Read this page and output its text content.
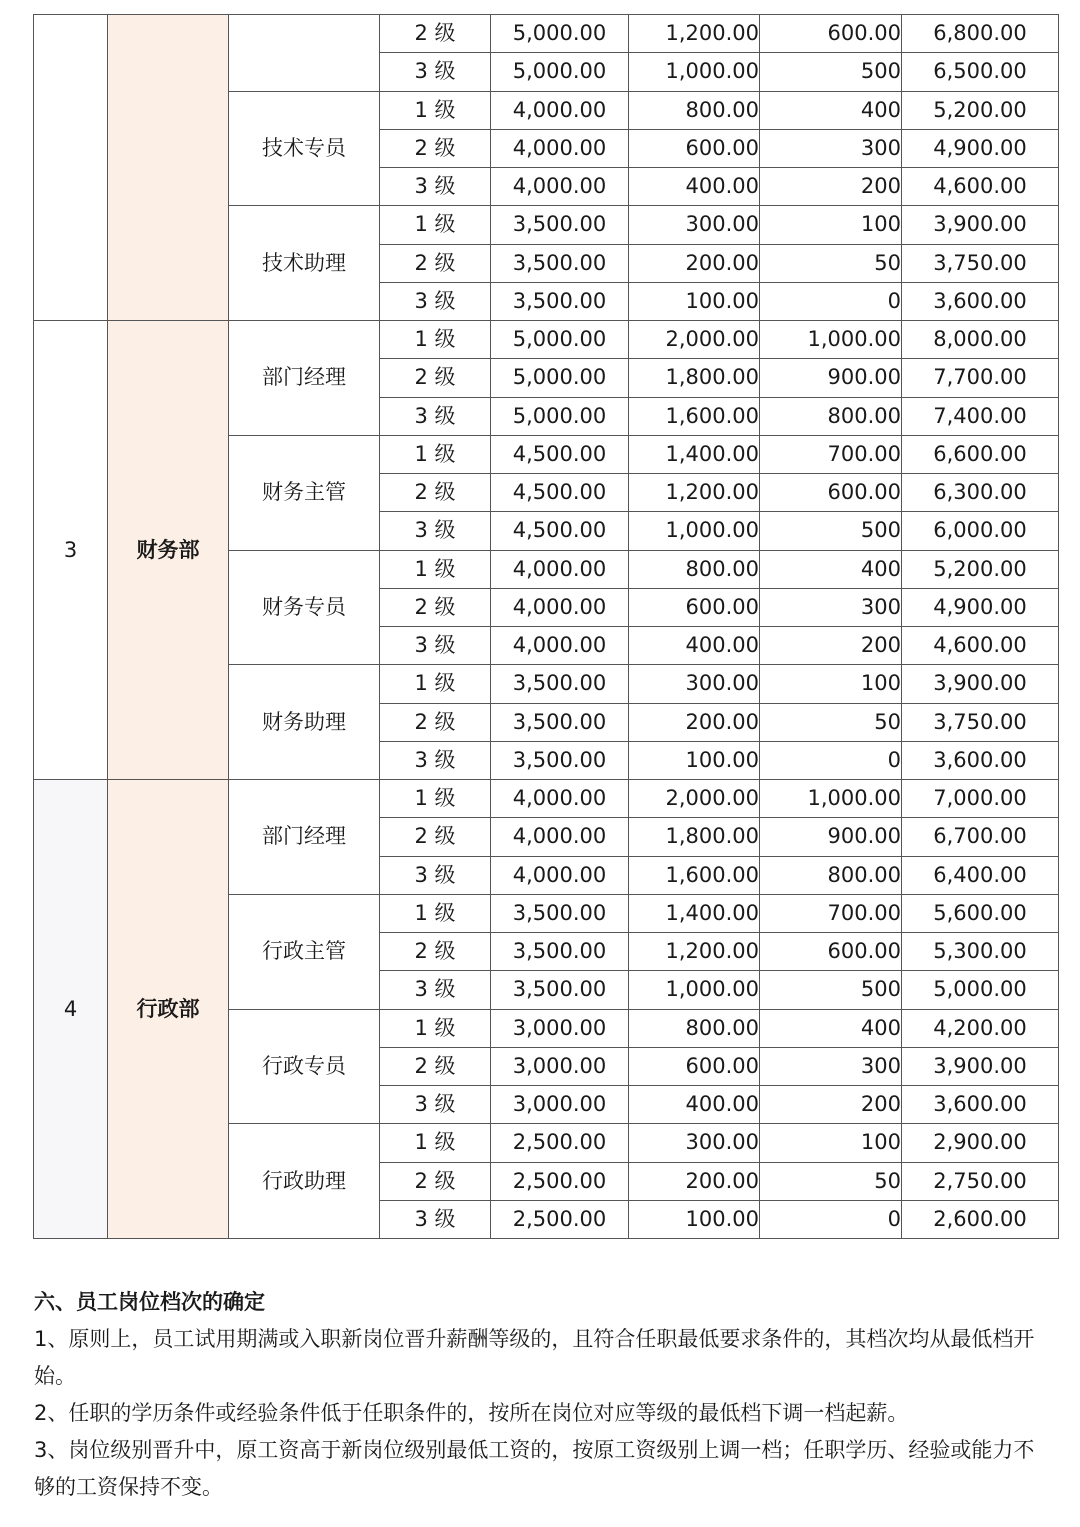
			2 级	5,000.00	1,200.00	600.00	6,800.00
			3 级	5,000.00	1,000.00	500	6,500.00
		技术专员	1 级	4,000.00	800.00	400	5,200.00
			2 级	4,000.00	600.00	300	4,900.00
			3 级	4,000.00	400.00	200	4,600.00
		技术助理	1 级	3,500.00	300.00	100	3,900.00
			2 级	3,500.00	200.00	50	3,750.00
			3 级	3,500.00	100.00	0	3,600.00
3	财务部	部门经理	1 级	5,000.00	2,000.00	1,000.00	8,000.00
			2 级	5,000.00	1,800.00	900.00	7,700.00
			3 级	5,000.00	1,600.00	800.00	7,400.00
		财务主管	1 级	4,500.00	1,400.00	700.00	6,600.00
			2 级	4,500.00	1,200.00	600.00	6,300.00
			3 级	4,500.00	1,000.00	500	6,000.00
		财务专员	1 级	4,000.00	800.00	400	5,200.00
			2 级	4,000.00	600.00	300	4,900.00
			3 级	4,000.00	400.00	200	4,600.00
		财务助理	1 级	3,500.00	300.00	100	3,900.00
			2 级	3,500.00	200.00	50	3,750.00
			3 级	3,500.00	100.00	0	3,600.00
4	行政部	部门经理	1 级	4,000.00	2,000.00	1,000.00	7,000.00
			2 级	4,000.00	1,800.00	900.00	6,700.00
			3 级	4,000.00	1,600.00	800.00	6,400.00
		行政主管	1 级	3,500.00	1,400.00	700.00	5,600.00
			2 级	3,500.00	1,200.00	600.00	5,300.00
			3 级	3,500.00	1,000.00	500	5,000.00
		行政专员	1 级	3,000.00	800.00	400	4,200.00
			2 级	3,000.00	600.00	300	3,900.00
			3 级	3,000.00	400.00	200	3,600.00
		行政助理	1 级	2,500.00	300.00	100	2,900.00
			2 级	2,500.00	200.00	50	2,750.00
			3 级	2,500.00	100.00	0	2,600.00

六、员工岗位档次的确定

1、原则上，员工试用期满或入职新岗位晋升薪酬等级的，且符合任职最低要求条件的，其档次均从最低档开始。

2、任职的学历条件或经验条件低于任职条件的，按所在岗位对应等级的最低档下调一档起薪。

3、岗位级别晋升中，原工资高于新岗位级别最低工资的，按原工资级别上调一档；任职学历、经验或能力不够的工资保持不变。
